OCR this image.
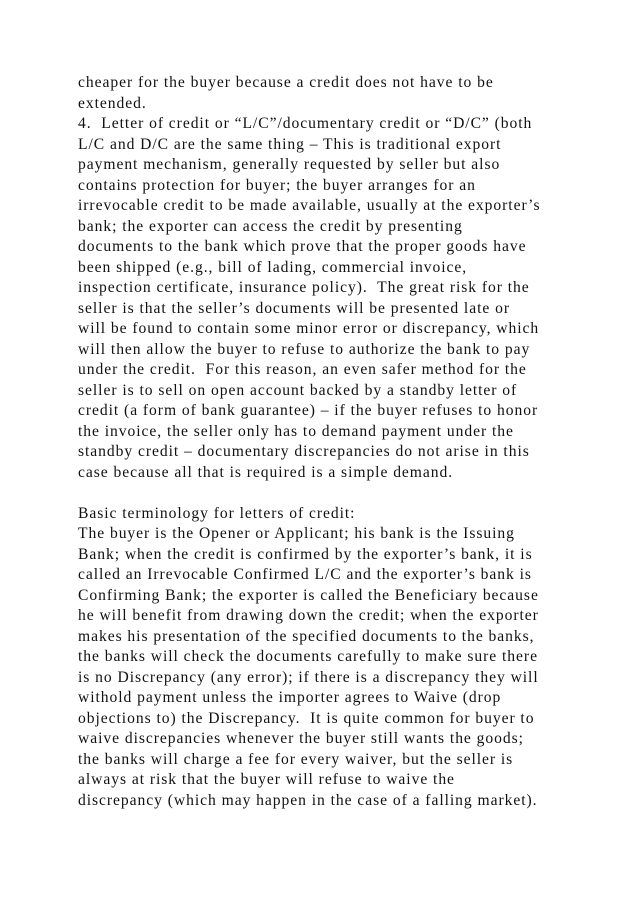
cheaper for the buyer because a credit does not have to be
extended.
4.  Letter of credit or “L/C”/documentary credit or “D/C” (both
L/C and D/C are the same thing – This is traditional export
payment mechanism, generally requested by seller but also
contains protection for buyer; the buyer arranges for an
irrevocable credit to be made available, usually at the exporter’s
bank; the exporter can access the credit by presenting
documents to the bank which prove that the proper goods have
been shipped (e.g., bill of lading, commercial invoice,
inspection certificate, insurance policy).  The great risk for the
seller is that the seller’s documents will be presented late or
will be found to contain some minor error or discrepancy, which
will then allow the buyer to refuse to authorize the bank to pay
under the credit.  For this reason, an even safer method for the
seller is to sell on open account backed by a standby letter of
credit (a form of bank guarantee) – if the buyer refuses to honor
the invoice, the seller only has to demand payment under the
standby credit – documentary discrepancies do not arise in this
case because all that is required is a simple demand.
Basic terminology for letters of credit:
The buyer is the Opener or Applicant; his bank is the Issuing
Bank; when the credit is confirmed by the exporter’s bank, it is
called an Irrevocable Confirmed L/C and the exporter’s bank is
Confirming Bank; the exporter is called the Beneficiary because
he will benefit from drawing down the credit; when the exporter
makes his presentation of the specified documents to the banks,
the banks will check the documents carefully to make sure there
is no Discrepancy (any error); if there is a discrepancy they will
withold payment unless the importer agrees to Waive (drop
objections to) the Discrepancy.  It is quite common for buyer to
waive discrepancies whenever the buyer still wants the goods;
the banks will charge a fee for every waiver, but the seller is
always at risk that the buyer will refuse to waive the
discrepancy (which may happen in the case of a falling market).
